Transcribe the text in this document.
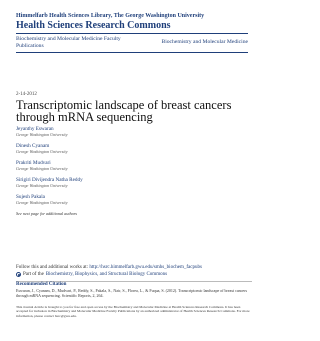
Himmelfarb Health Sciences Library, The George Washington University
Health Sciences Research Commons
Biochemistry and Molecular Medicine Faculty Publications
Biochemistry and Molecular Medicine
2-14-2012
Transcriptomic landscape of breast cancers through mRNA sequencing
Jeyanthy Eswaran
George Washington University
Dinesh Cyanam
George Washington University
Prakriti Mudvari
George Washington University
Sirigiri Divijendra Natha Reddy
George Washington University
Sujesh Pakala
George Washington University
See next page for additional authors
Follow this and additional works at: http://hsrc.himmelfarb.gwu.edu/smhs_biochem_facpubs
Part of the Biochemistry, Biophysics, and Structural Biology Commons
Recommended Citation
Eswaran, J., Cyanam, D., Mudvari, P., Reddy, S., Pakala, S., Nair, S., Florea, L., & Fuqua, S. (2012). Transcriptomic landscape of breast cancers through mRNA sequencing. Scientific Reports, 2, 264.
This Journal Article is brought to you for free and open access by the Biochemistry and Molecular Medicine at Health Sciences Research Commons. It has been accepted for inclusion in Biochemistry and Molecular Medicine Faculty Publications by an authorized administrator of Health Sciences Research Commons. For more information, please contact hsrc@gwu.edu.
